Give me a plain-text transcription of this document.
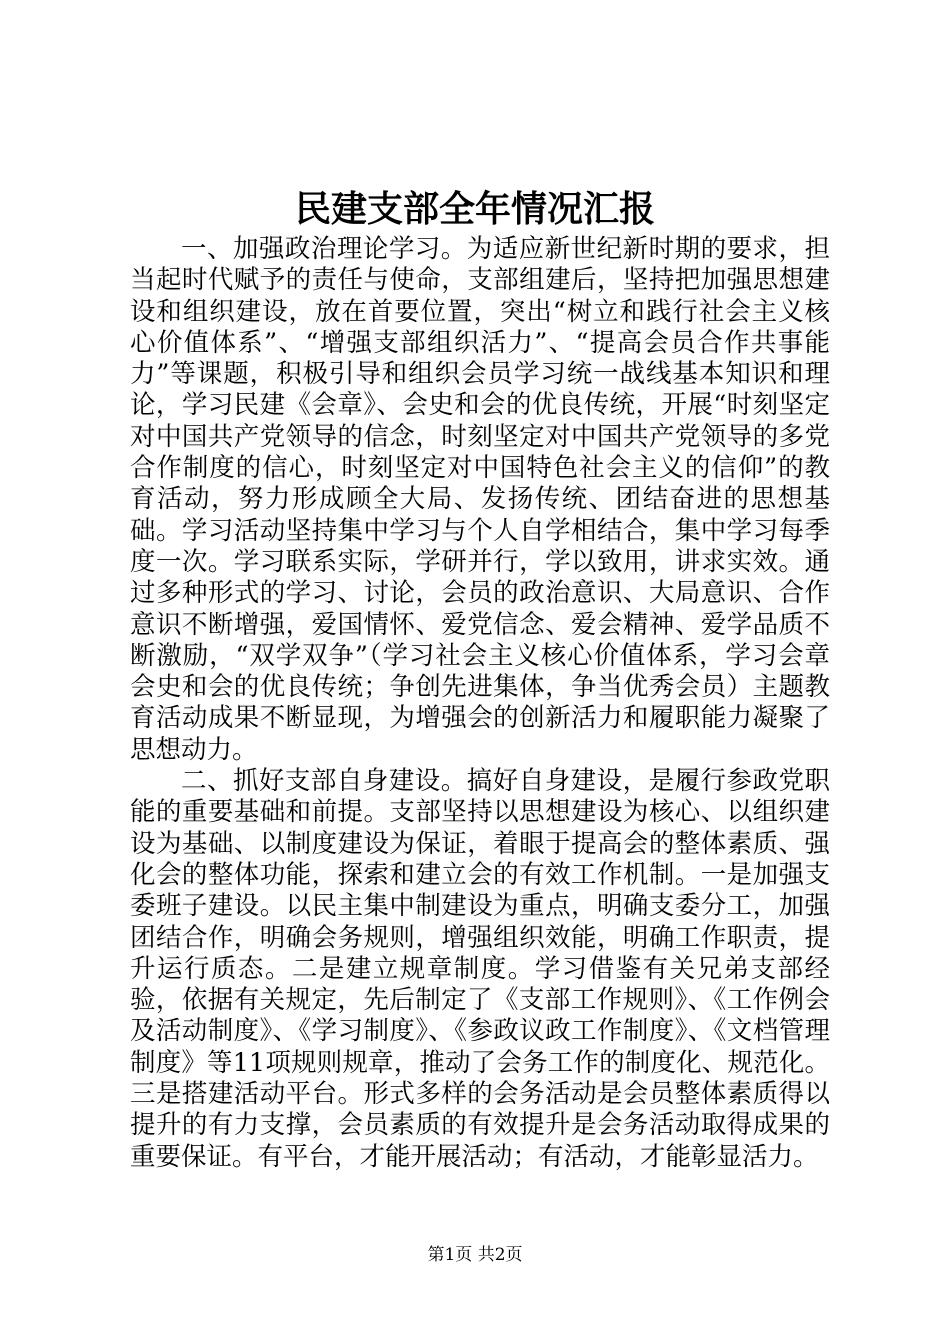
民建支部全年情况汇报

一、加强政治理论学习。为适应新世纪新时期的要求，担当起时代赋予的责任与使命，支部组建后，坚持把加强思想建设和组织建设，放在首要位置，突出“树立和践行社会主义核心价值体系”、“增强支部组织活力”、“提高会员合作共事能力”等课题，积极引导和组织会员学习统一战线基本知识和理论，学习民建《会章》、会史和会的优良传统，开展“时刻坚定对中国共产党领导的信念，时刻坚定对中国共产党领导的多党合作制度的信心，时刻坚定对中国特色社会主义的信仰”的教育活动，努力形成顾全大局、发扬传统、团结奋进的思想基础。学习活动坚持集中学习与个人自学相结合，集中学习每季度一次。学习联系实际，学研并行，学以致用，讲求实效。通过多种形式的学习、讨论，会员的政治意识、大局意识、合作意识不断增强，爱国情怀、爱党信念、爱会精神、爱学品质不断激励，“双学双争”（学习社会主义核心价值体系，学习会章会史和会的优良传统；争创先进集体，争当优秀会员）主题教育活动成果不断显现，为增强会的创新活力和履职能力凝聚了思想动力。

二、抓好支部自身建设。搞好自身建设，是履行参政党职能的重要基础和前提。支部坚持以思想建设为核心、以组织建设为基础、以制度建设为保证，着眼于提高会的整体素质、强化会的整体功能，探索和建立会的有效工作机制。一是加强支委班子建设。以民主集中制建设为重点，明确支委分工，加强团结合作，明确会务规则，增强组织效能，明确工作职责，提升运行质态。二是建立规章制度。学习借鉴有关兄弟支部经验，依据有关规定，先后制定了《支部工作规则》、《工作例会及活动制度》、《学习制度》、《参政议政工作制度》、《文档管理制度》等11项规则规章，推动了会务工作的制度化、规范化。三是搭建活动平台。形式多样的会务活动是会员整体素质得以提升的有力支撑，会员素质的有效提升是会务活动取得成果的重要保证。有平台，才能开展活动；有活动，才能彰显活力。

第1页 共2页
